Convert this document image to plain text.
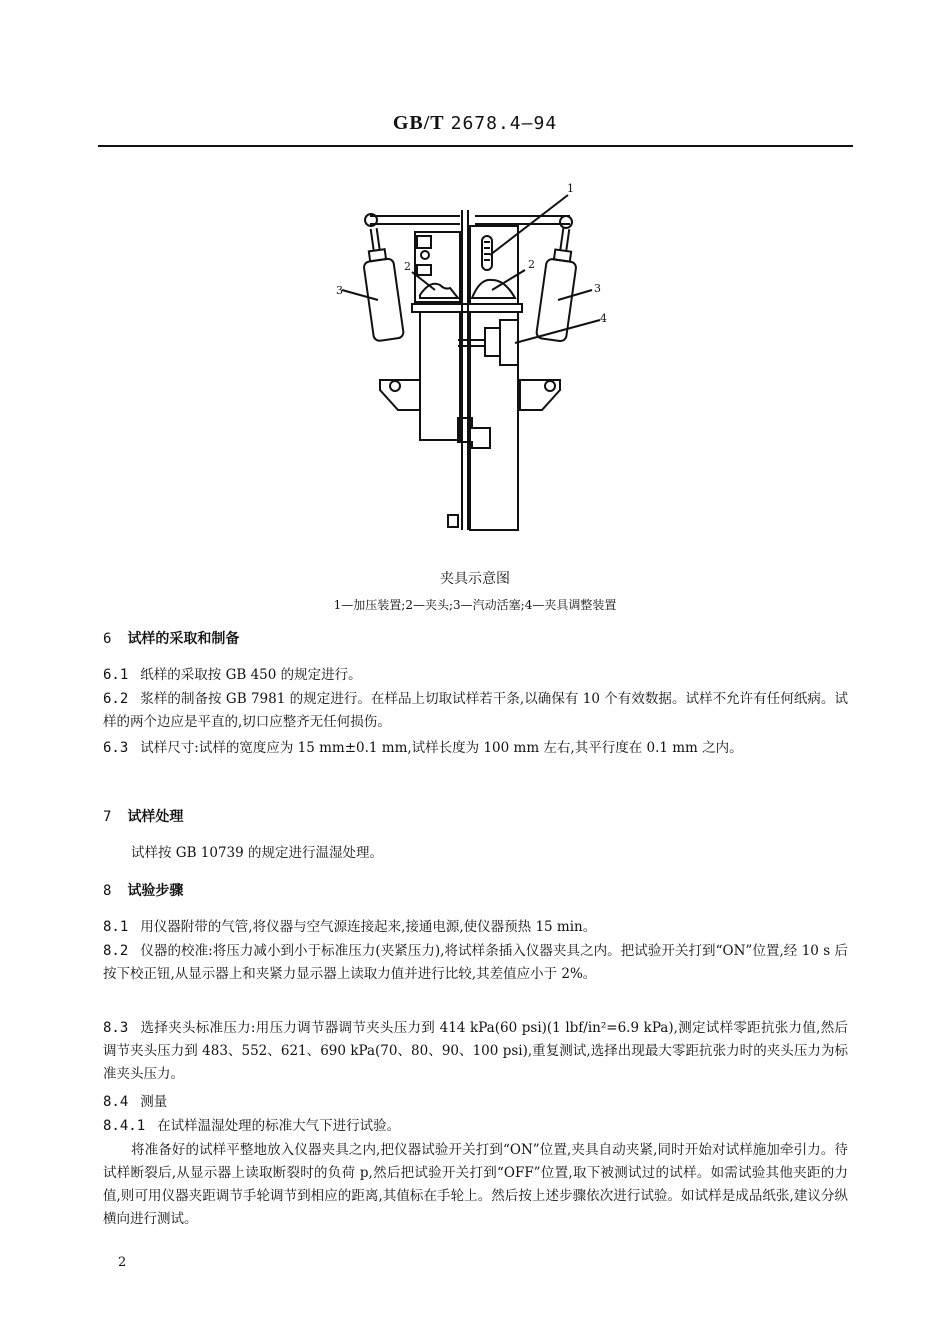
GB/T 2678.4—94
1
2	2
3	3
4
夹具示意图
1—加压装置;2—夹头;3—汽动活塞;4—夹具调整装置
6 试样的采取和制备
6.1 纸样的采取按 GB 450 的规定进行。
6.2 浆样的制备按 GB 7981 的规定进行。在样品上切取试样若干条,以确保有 10 个有效数据。试样不允许有任何纸病。试样的两个边应是平直的,切口应整齐无任何损伤。
6.3 试样尺寸:试样的宽度应为 15 mm±0.1 mm,试样长度为 100 mm 左右,其平行度在 0.1 mm 之内。
7 试样处理
试样按 GB 10739 的规定进行温湿处理。
8 试验步骤
8.1 用仪器附带的气管,将仪器与空气源连接起来,接通电源,使仪器预热 15 min。
8.2 仪器的校准:将压力减小到小于标准压力(夹紧压力),将试样条插入仪器夹具之内。把试验开关打到“ON”位置,经 10 s 后按下校正钮,从显示器上和夹紧力显示器上读取力值并进行比较,其差值应小于 2%。
8.3 选择夹头标准压力:用压力调节器调节夹头压力到 414 kPa(60 psi)(1 lbf/in²=6.9 kPa),测定试样零距抗张力值,然后调节夹头压力到 483、552、621、690 kPa(70、80、90、100 psi),重复测试,选择出现最大零距抗张力时的夹头压力为标准夹头压力。
8.4 测量
8.4.1 在试样温湿处理的标准大气下进行试验。
将准备好的试样平整地放入仪器夹具之内,把仪器试验开关打到“ON”位置,夹具自动夹紧,同时开始对试样施加牵引力。待试样断裂后,从显示器上读取断裂时的负荷 p,然后把试验开关打到“OFF”位置,取下被测试过的试样。如需试验其他夹距的力值,则可用仪器夹距调节手轮调节到相应的距离,其值标在手轮上。然后按上述步骤依次进行试验。如试样是成品纸张,建议分纵横向进行测试。
2
